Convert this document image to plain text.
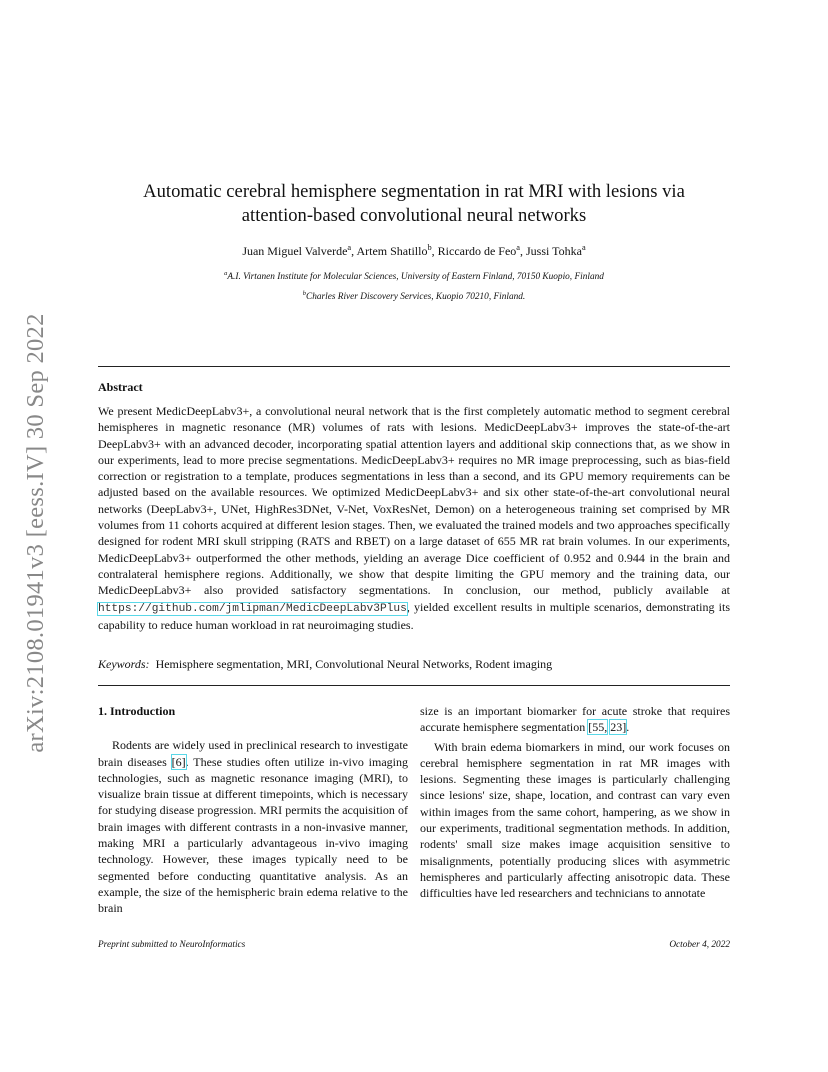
arXiv:2108.01941v3 [eess.IV] 30 Sep 2022
Automatic cerebral hemisphere segmentation in rat MRI with lesions via
attention-based convolutional neural networks
Juan Miguel Valverde$^a$, Artem Shatillo$^b$, Riccardo de Feo$^a$, Jussi Tohka$^a$
$^a$A.I. Virtanen Institute for Molecular Sciences, University of Eastern Finland, 70150 Kuopio, Finland
$^b$Charles River Discovery Services, Kuopio 70210, Finland.
Abstract

We present MedicDeepLabv3+, a convolutional neural network that is the first completely automatic method to segment cerebral hemispheres in magnetic resonance (MR) volumes of rats with lesions. MedicDeepLabv3+ improves the state-of-the-art DeepLabv3+ with an advanced decoder, incorporating spatial attention layers and additional skip connections that, as we show in our experiments, lead to more precise segmentations. MedicDeepLabv3+ requires no MR image preprocessing, such as bias-field correction or registration to a template, produces segmentations in less than a second, and its GPU memory requirements can be adjusted based on the available resources. We optimized MedicDeepLabv3+ and six other state-of-the-art convolutional neural networks (DeepLabv3+, UNet, HighRes3DNet, V-Net, VoxResNet, Demon) on a heterogeneous training set comprised by MR volumes from 11 cohorts acquired at different lesion stages. Then, we evaluated the trained models and two approaches specifically designed for rodent MRI skull stripping (RATS and RBET) on a large dataset of 655 MR rat brain volumes. In our experiments, MedicDeepLabv3+ outperformed the other methods, yielding an average Dice coefficient of 0.952 and 0.944 in the brain and contralateral hemisphere regions. Additionally, we show that despite limiting the GPU memory and the training data, our MedicDeepLabv3+ also provided satisfactory segmentations. In conclusion, our method, publicly available at https://github.com/jmlipman/MedicDeepLabv3Plus, yielded excellent results in multiple scenarios, demonstrating its capability to reduce human workload in rat neuroimaging studies.

Keywords: Hemisphere segmentation, MRI, Convolutional Neural Networks, Rodent imaging
1. Introduction

Rodents are widely used in preclinical research to investigate brain diseases [6]. These studies often utilize in-vivo imaging technologies, such as magnetic resonance imaging (MRI), to visualize brain tissue at different timepoints, which is necessary for studying disease progression. MRI permits the acquisition of brain images with different contrasts in a non-invasive manner, making MRI a particularly advantageous in-vivo imaging technology. However, these images typically need to be segmented before conducting quantitative analysis. As an example, the size of the hemispheric brain edema relative to the brain

size is an important biomarker for acute stroke that requires accurate hemisphere segmentation [55, 23].

With brain edema biomarkers in mind, our work focuses on cerebral hemisphere segmentation in rat MR images with lesions. Segmenting these images is particularly challenging since lesions' size, shape, location, and contrast can vary even within images from the same cohort, hampering, as we show in our experiments, traditional segmentation methods. In addition, rodents' small size makes image acquisition sensitive to misalignments, potentially producing slices with asymmetric hemispheres and particularly affecting anisotropic data. These difficulties have led researchers and technicians to annotate

Preprint submitted to NeuroInformatics	October 4, 2022
